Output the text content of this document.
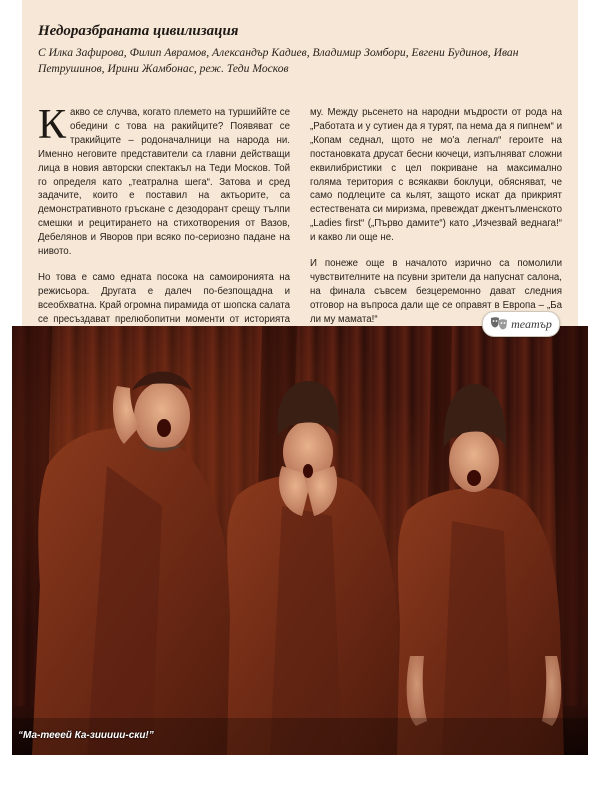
Недоразбраната цивилизация

С Илка Зафирова, Филип Аврамов, Александър Кадиев, Владимир Зомбори, Евгени Будинов, Иван Петрушинов, Ирини Жамбонас, реж. Теди Москов

К акво се случва, когато племето на туршиййте се обедини с това на ракийците? Появяват се тракийците – родоначалници на народа ни. Именно неговите представители са главни действащи лица в новия авторски спектакъл на Теди Москов. Той го определя като „театрална шега“. Затова и сред задачите, които е поставил на актьорите, са демонстративното гръскане с дезодорант срещу тълпи смешки и рецитирането на стихотворения от Вазов, Дебелянов и Яворов при всяко по-сериозно падане на нивото.

Но това е само едната посока на самоиронията на режисьора. Другата е далеч по-безпощадна и всеобхватна. Край огромна пирамида от шопска салата се пресъздават прелюбопитни моменти от историята

му. Между рьсенето на народни мъдрости от рода на „Работата и у сутиен да я турят, па нема да я пипнем“ и „Копам седнал, щото не мо'а легнал“ героите на постановката друсат бесни кючеци, изпълняват сложни еквилибристики с цел покриване на максимално голяма територия с всякакви боклуци, обясняват, че само подлеците са кьлят, защото искат да прикрият естествената си миризма, превеждат джентълменското „Ladies first“ („Първо дамите“) като „Изчезвай веднага!“ и какво ли още не.

И понеже още в началото изрично са помолили чувствителните на псувни зрители да напуснат салона, на финала съвсем безцеремонно дават следния отговор на въпроса дали ще се оправят в Европа – „Ба ли му мамата!“	театър
“Ма-тееей Ка-зиииии-ски!”
